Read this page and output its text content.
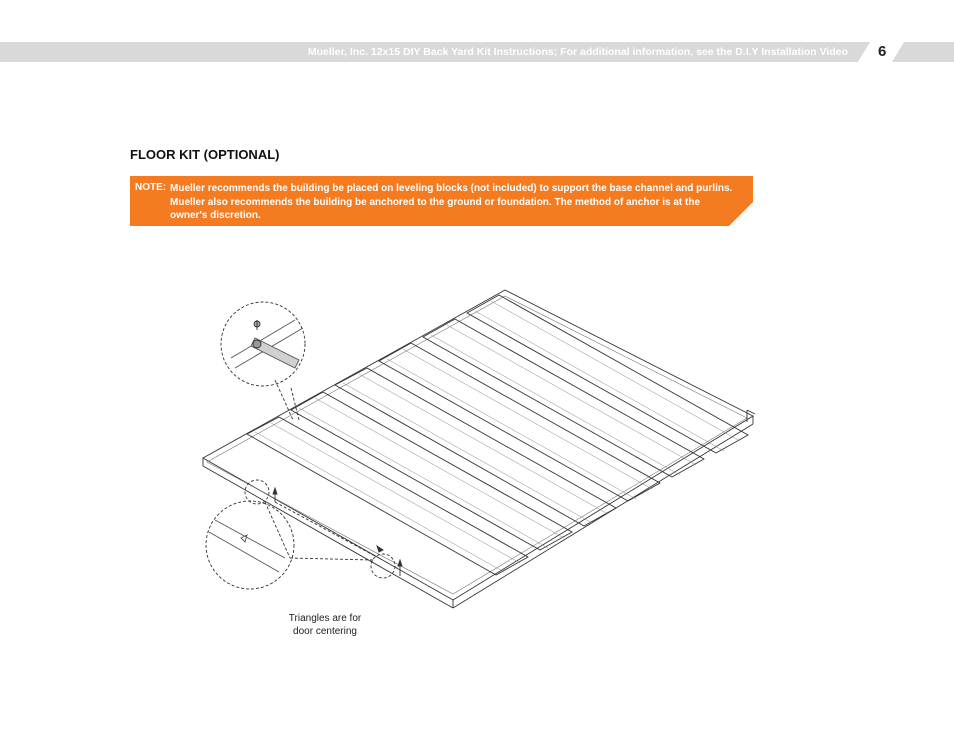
Mueller, Inc. 12x15 DIY Back Yard Kit Instructions; For additional information, see the D.I.Y Installation Video 6
FLOOR KIT (OPTIONAL)
NOTE: Mueller recommends the building be placed on leveling blocks (not included) to support the base channel and purlins. Mueller also recommends the building be anchored to the ground or foundation. The method of anchor is at the owner's discretion.
Triangles are for
door centering
